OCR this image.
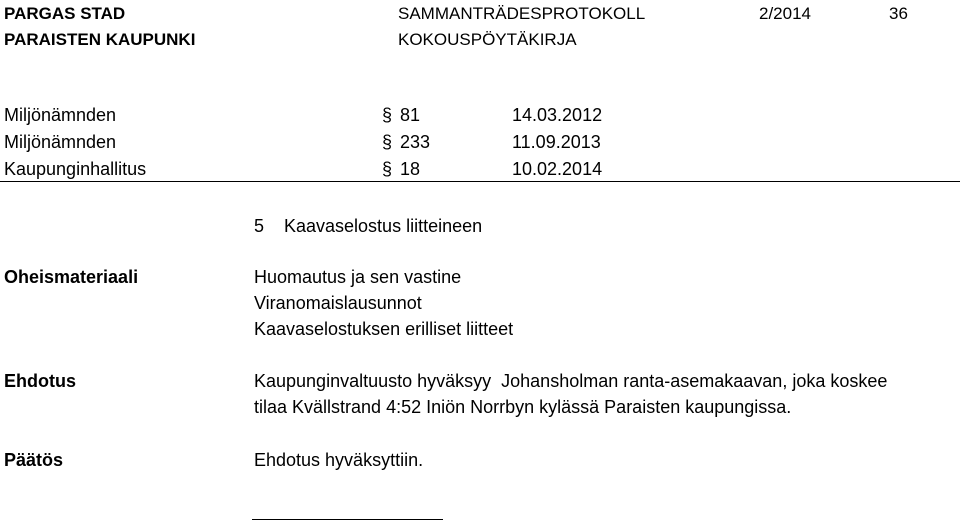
PARGAS STAD
PARAISTEN KAUPUNKI
SAMMANTRÄDESPROTOKOLL
KOKOUSPÖYTÄKIRJA
2/2014	36
Miljönämnden	§ 81	14.03.2012
Miljönämnden	§ 233	11.09.2013
Kaupunginhallitus	§ 18	10.02.2014
5 Kaavaselostus liitteineen
Oheismateriaali	Huomautus ja sen vastine
Viranomaislausunnot
Kaavaselostuksen erilliset liitteet
Ehdotus	Kaupunginvaltuusto hyväksyy  Johansholman ranta-asemakaavan, joka koskee
tilaa Kvällstrand 4:52 Iniön Norrbyn kylässä Paraisten kaupungissa.
Päätös	Ehdotus hyväksyttiin.
